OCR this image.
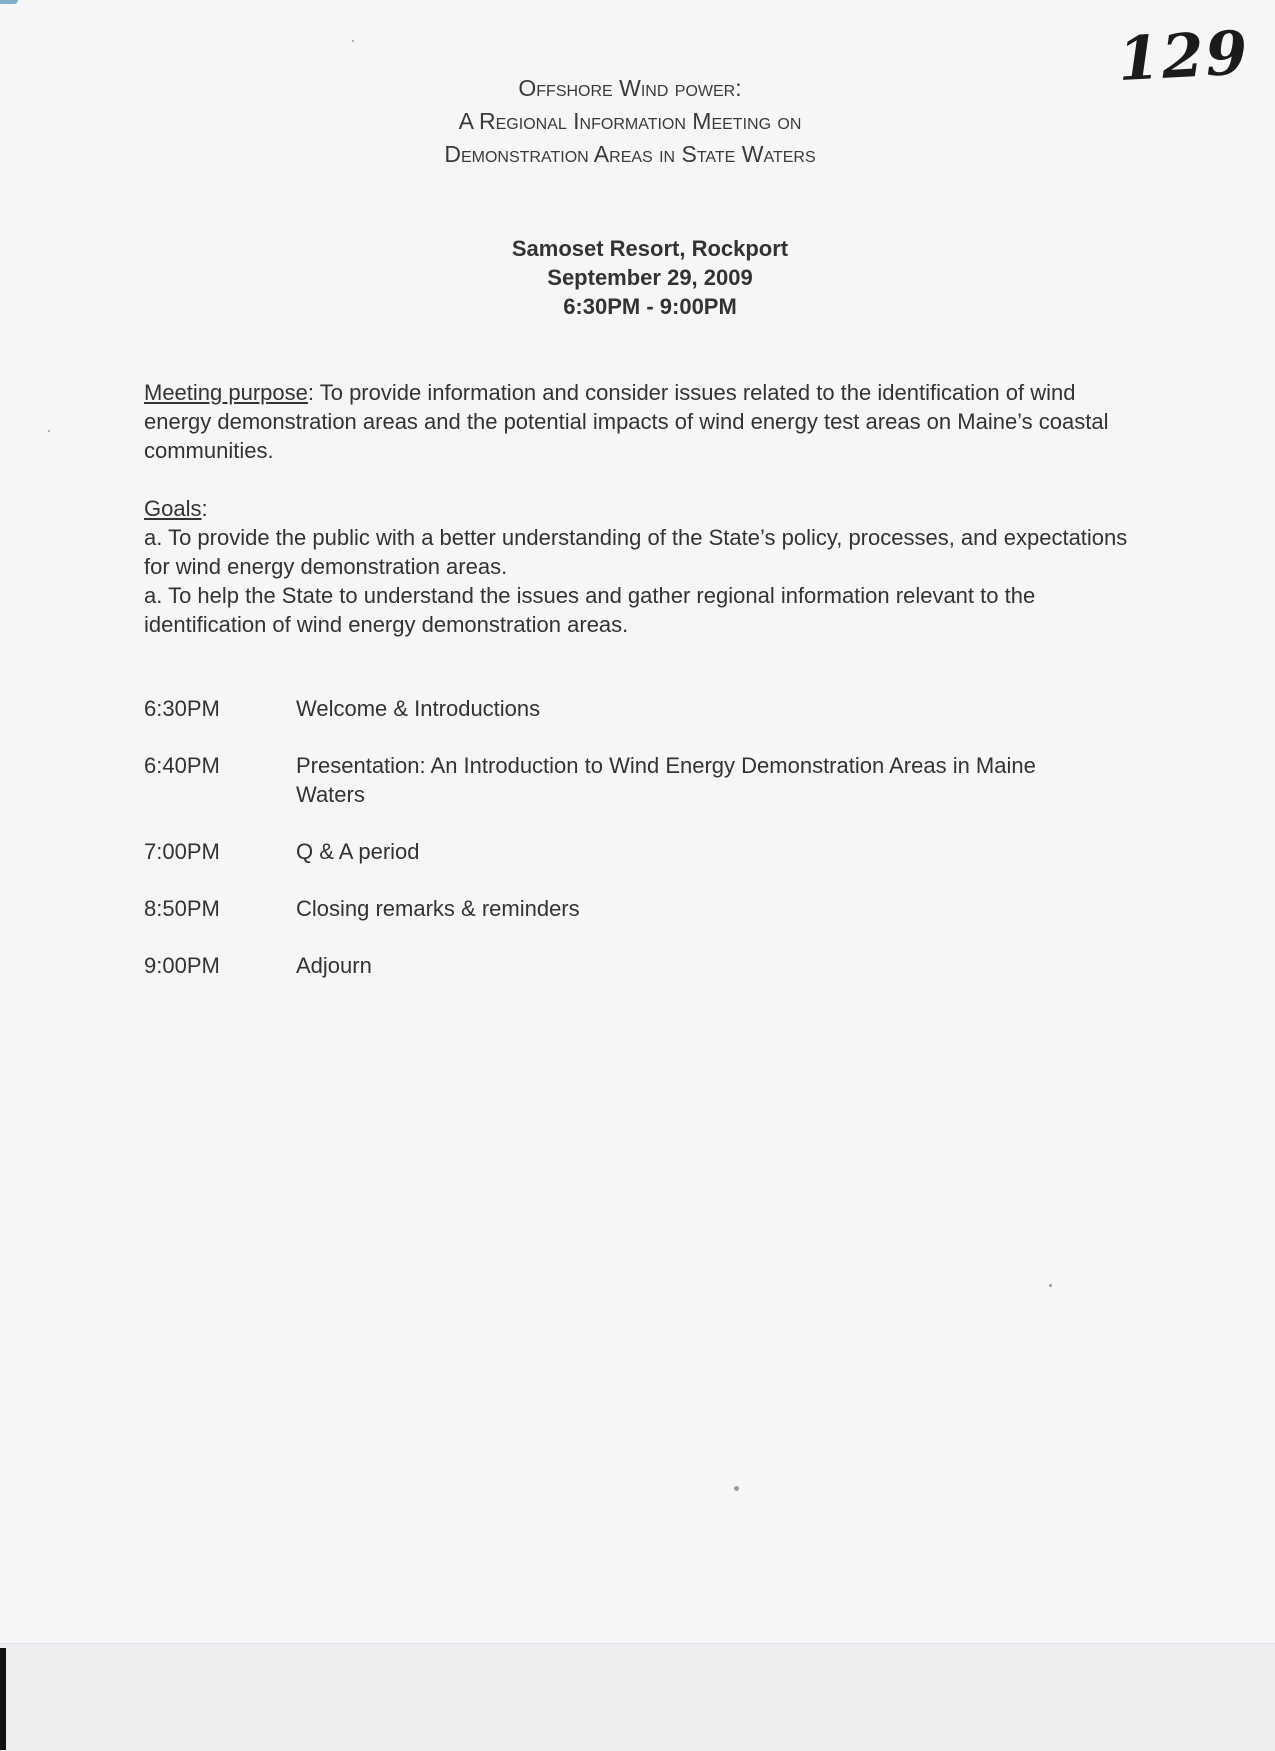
129
Offshore Wind power:
A Regional Information Meeting on
Demonstration Areas in State Waters
Samoset Resort, Rockport
September 29, 2009
6:30PM - 9:00PM
Meeting purpose: To provide information and consider issues related to the identification of wind energy demonstration areas and the potential impacts of wind energy test areas on Maine’s coastal communities.
Goals:
a. To provide the public with a better understanding of the State’s policy, processes, and expectations for wind energy demonstration areas.
a. To help the State to understand the issues and gather regional information relevant to the identification of wind energy demonstration areas.
6:30PM	Welcome & Introductions
6:40PM	Presentation: An Introduction to Wind Energy Demonstration Areas in Maine Waters
7:00PM	Q & A period
8:50PM	Closing remarks & reminders
9:00PM	Adjourn
